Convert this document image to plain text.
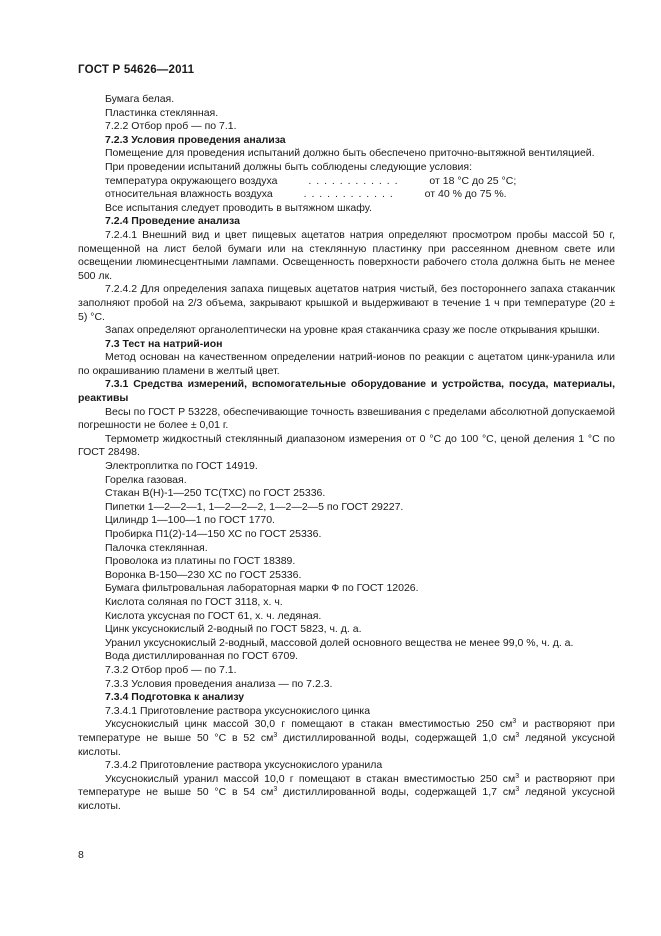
ГОСТ Р 54626—2011

Бумага белая.

Пластинка стеклянная.

7.2.2 Отбор проб — по 7.1.

7.2.3 Условия проведения анализа

Помещение для проведения испытаний должно быть обеспечено приточно-вытяжной вентиляцией.

При проведении испытаний должны быть соблюдены следующие условия:

температура окружающего воздуха	. . . . . . . . . . . .	от 18 °С до 25 °С;

относительная влажность воздуха	. . . . . . . . . . . .	от 40 % до 75 %.

Все испытания следует проводить в вытяжном шкафу.

7.2.4 Проведение анализа

7.2.4.1 Внешний вид и цвет пищевых ацетатов натрия определяют просмотром пробы массой 50 г, помещенной на лист белой бумаги или на стеклянную пластинку при рассеянном дневном свете или освещении люминесцентными лампами. Освещенность поверхности рабочего стола должна быть не менее 500 лк.

7.2.4.2 Для определения запаха пищевых ацетатов натрия чистый, без постороннего запаха стаканчик заполняют пробой на 2/3 объема, закрывают крышкой и выдерживают в течение 1 ч при температуре (20 ± 5) °С.

Запах определяют органолептически на уровне края стаканчика сразу же после открывания крышки.

7.3 Тест на натрий-ион

Метод основан на качественном определении натрий-ионов по реакции с ацетатом цинк-уранила или по окрашиванию пламени в желтый цвет.

7.3.1 Средства измерений, вспомогательные оборудование и устройства, посуда, материалы, реактивы

Весы по ГОСТ Р 53228, обеспечивающие точность взвешивания с пределами абсолютной допускаемой погрешности не более ± 0,01 г.

Термометр жидкостный стеклянный диапазоном измерения от 0 °С до 100 °С, ценой деления 1 °С по ГОСТ 28498.

Электроплитка по ГОСТ 14919.

Горелка газовая.

Стакан В(Н)-1—250 ТС(ТХС) по ГОСТ 25336.

Пипетки 1—2—2—1, 1—2—2—2, 1—2—2—5 по ГОСТ 29227.

Цилиндр 1—100—1 по ГОСТ 1770.

Пробирка П1(2)-14—150 ХС по ГОСТ 25336.

Палочка стеклянная.

Проволока из платины по ГОСТ 18389.

Воронка В-150—230 ХС по ГОСТ 25336.

Бумага фильтровальная лабораторная марки Ф по ГОСТ 12026.

Кислота соляная по ГОСТ 3118, х. ч.

Кислота уксусная по ГОСТ 61, х. ч. ледяная.

Цинк уксуснокислый 2-водный по ГОСТ 5823, ч. д. а.

Уранил уксуснокислый 2-водный, массовой долей основного вещества не менее 99,0 %, ч. д. а.

Вода дистиллированная по ГОСТ 6709.

7.3.2 Отбор проб — по 7.1.

7.3.3 Условия проведения анализа — по 7.2.3.

7.3.4 Подготовка к анализу

7.3.4.1 Приготовление раствора уксуснокислого цинка

Уксуснокислый цинк массой 30,0 г помещают в стакан вместимостью 250 $см^3$ и растворяют при температуре не выше 50 °С в 52 $см^3$ дистиллированной воды, содержащей 1,0 $см^3$ ледяной уксусной кислоты.

7.3.4.2 Приготовление раствора уксуснокислого уранила

Уксуснокислый уранил массой 10,0 г помещают в стакан вместимостью 250 $см^3$ и растворяют при температуре не выше 50 °С в 54 $см^3$ дистиллированной воды, содержащей 1,7 $см^3$ ледяной уксусной кислоты.

8
